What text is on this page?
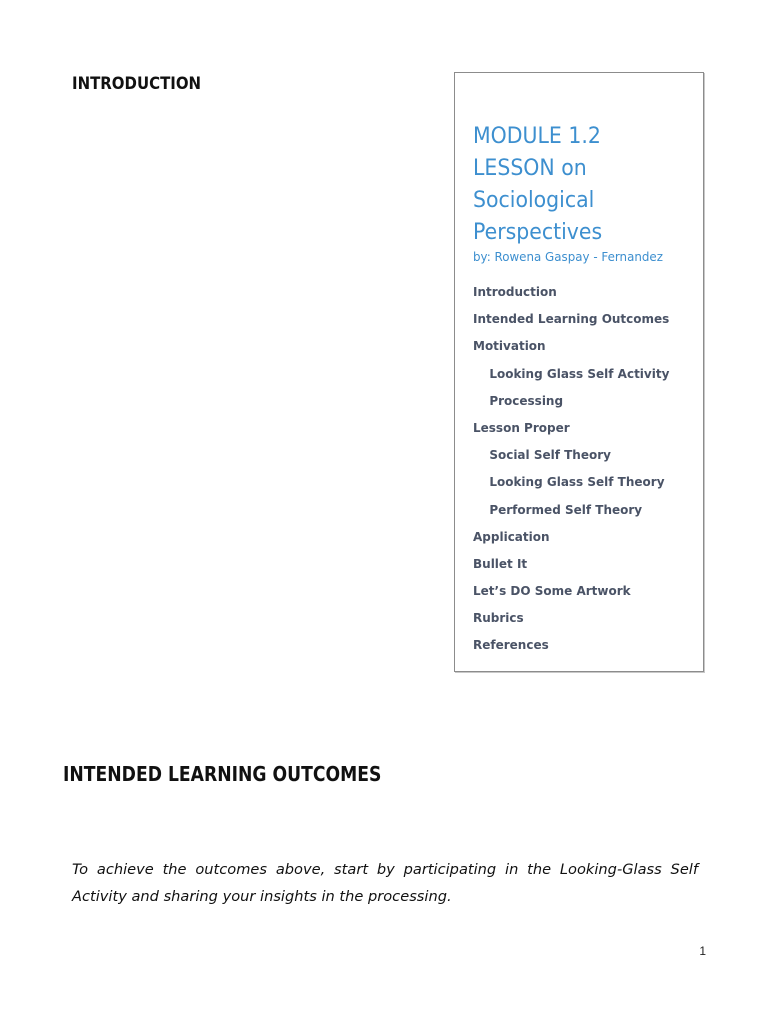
INTRODUCTION
MODULE 1.2
LESSON on
Sociological
Perspectives

by: Rowena Gaspay - Fernandez

Introduction
Intended Learning Outcomes
Motivation
Looking Glass Self Activity
Processing
Lesson Proper
Social Self Theory
Looking Glass Self Theory
Performed Self Theory
Application
Bullet It
Let’s DO Some Artwork
Rubrics
References
INTENDED LEARNING OUTCOMES

To achieve the outcomes above, start by participating in the Looking-Glass Self Activity and sharing your insights in the processing.

1
